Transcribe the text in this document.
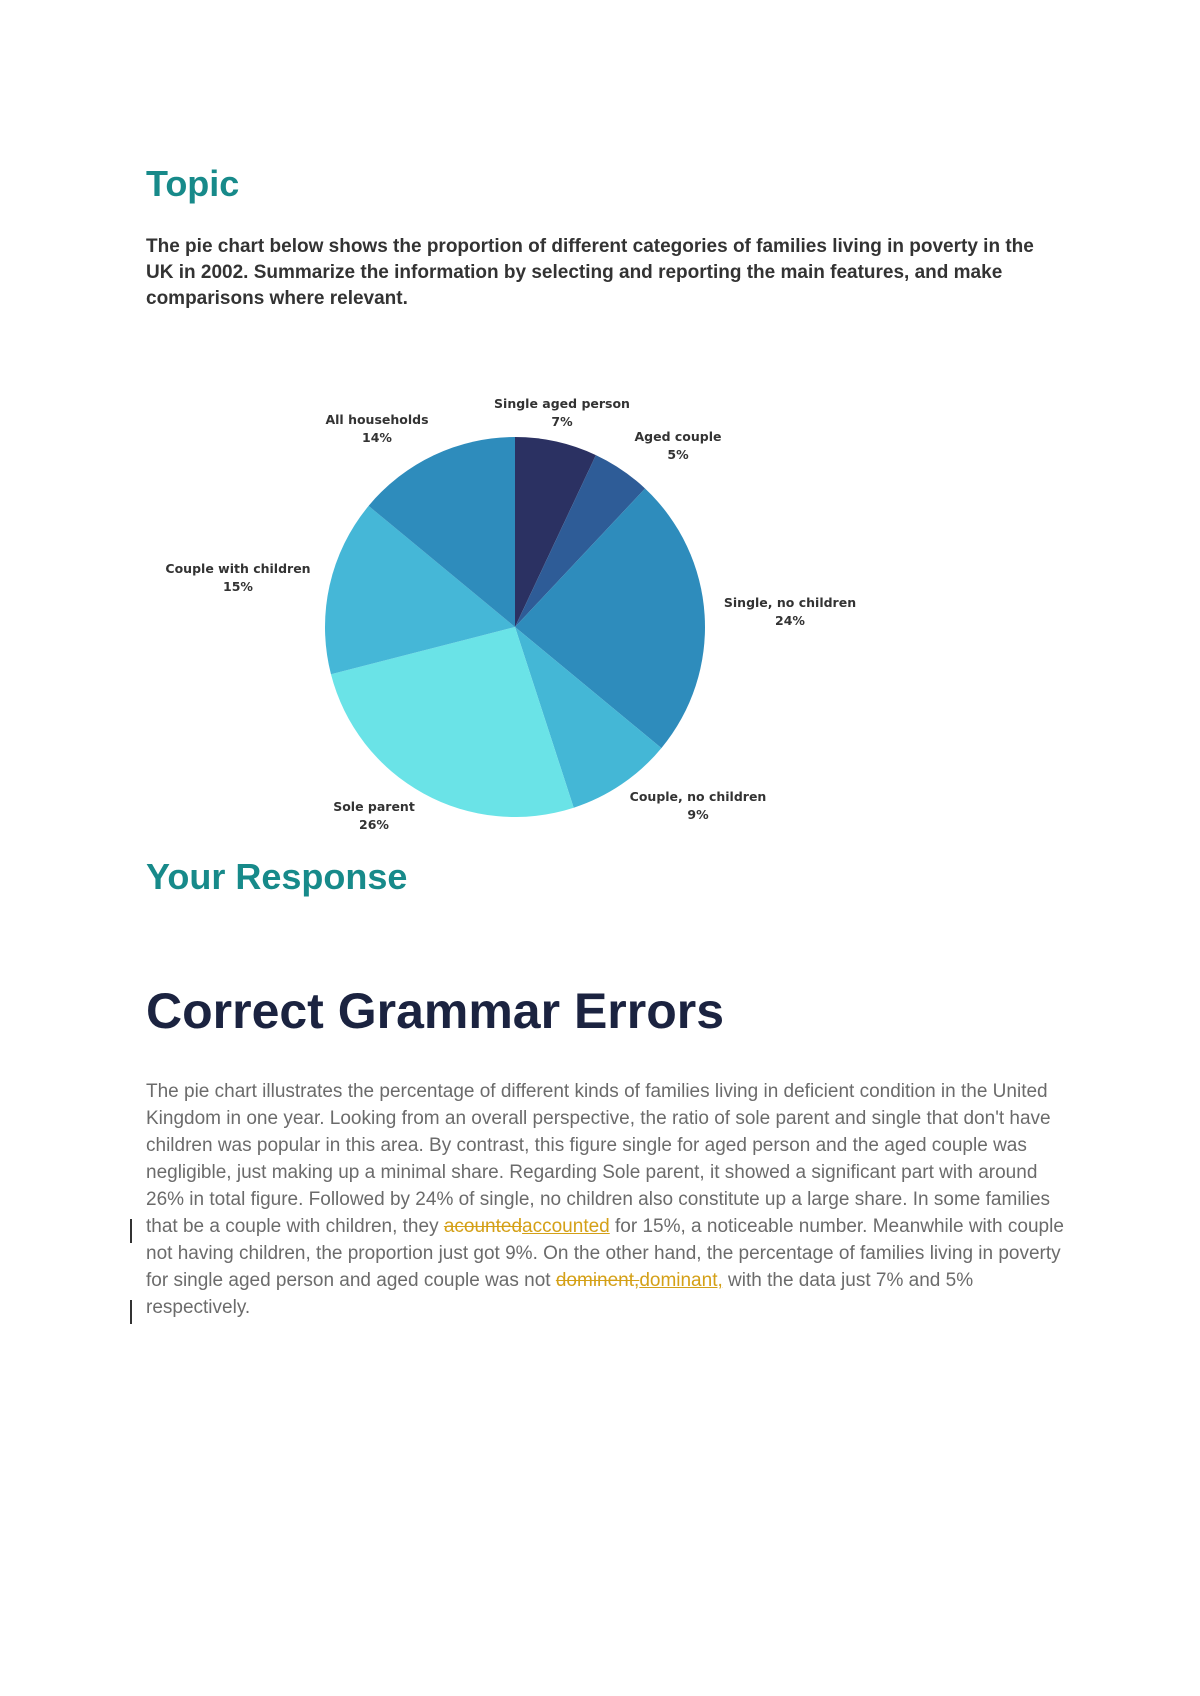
Topic

The pie chart below shows the proportion of different categories of families living in poverty in the UK in 2002. Summarize the information by selecting and reporting the main features, and make comparisons where relevant.

Single aged person
7%
Aged couple
5%
Single, no children
24%
Couple, no children
9%
Sole parent
26%
Couple with children
15%
All households
14%
Your Response
Correct Grammar Errors

The pie chart illustrates the percentage of different kinds of families living in deficient condition in the United Kingdom in one year. Looking from an overall perspective, the ratio of sole parent and single that don't have children was popular in this area. By contrast, this figure single for aged person and the aged couple was negligible, just making up a minimal share. Regarding Sole parent, it showed a significant part with around 26% in total figure. Followed by 24% of single, no children also constitute up a large share. In some families that be a couple with children, they acountedaccounted for 15%, a noticeable number. Meanwhile with couple not having children, the proportion just got 9%. On the other hand, the percentage of families living in poverty for single aged person and aged couple was not dominent,dominant, with the data just 7% and 5% respectively.
